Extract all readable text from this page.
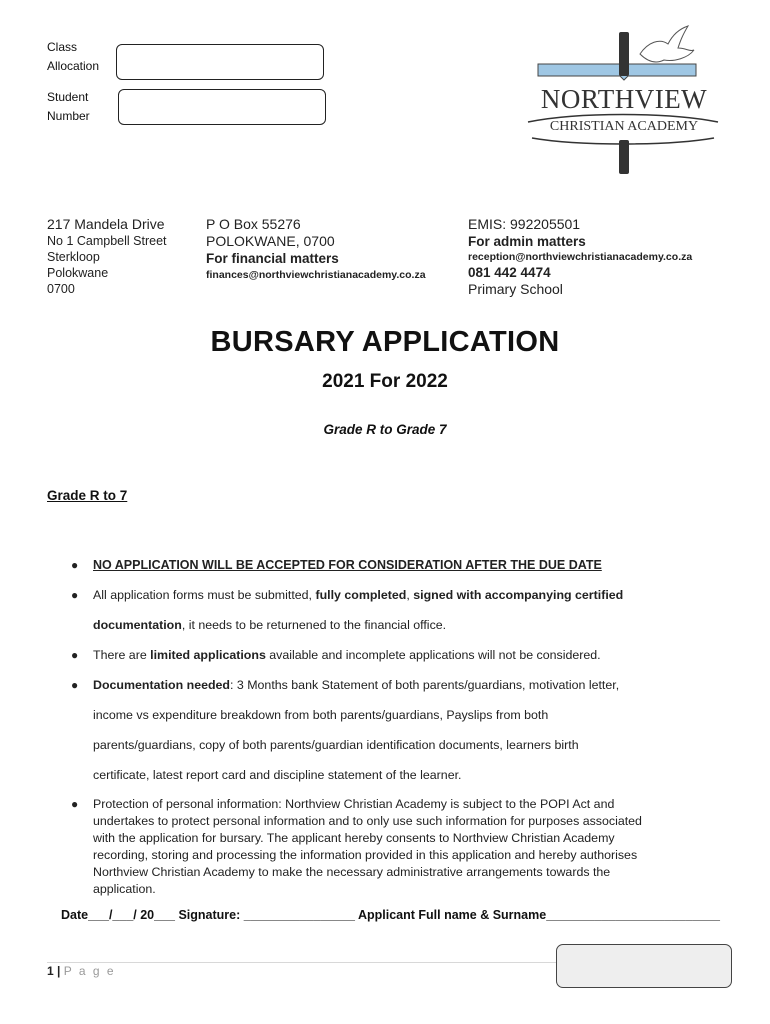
Class
Allocation
Student
Number
NORTHVIEW
CHRISTIAN ACADEMY
217 Mandela Drive
No 1 Campbell Street
Sterkloop
Polokwane
0700
P O Box 55276
POLOKWANE, 0700
For financial matters
finances@northviewchristianacademy.co.za
EMIS: 992205501
For admin matters
reception@northviewchristianacademy.co.za
081 442 4474
Primary School
BURSARY APPLICATION
2021 For 2022
Grade R to Grade 7
Grade R to 7
● NO APPLICATION WILL BE ACCEPTED FOR CONSIDERATION AFTER THE DUE DATE
● All application forms must be submitted, fully completed, signed with accompanying certified
documentation, it needs to be returnened to the financial office.
● There are limited applications available and incomplete applications will not be considered.
● Documentation needed: 3 Months bank Statement of both parents/guardians, motivation letter,
income vs expenditure breakdown from both parents/guardians, Payslips from both
parents/guardians, copy of both parents/guardian identification documents, learners birth
certificate, latest report card and discipline statement of the learner.
● Protection of personal information: Northview Christian Academy is subject to the POPI Act and
undertakes to protect personal information and to only use such information for purposes associated
with the application for bursary. The applicant hereby consents to Northview Christian Academy
recording, storing and processing the information provided in this application and hereby authorises
Northview Christian Academy to make the necessary administrative arrangements towards the
application.
Date___/___/ 20___ Signature: ________________ Applicant Full name & Surname_________________________
1 | P a g e
